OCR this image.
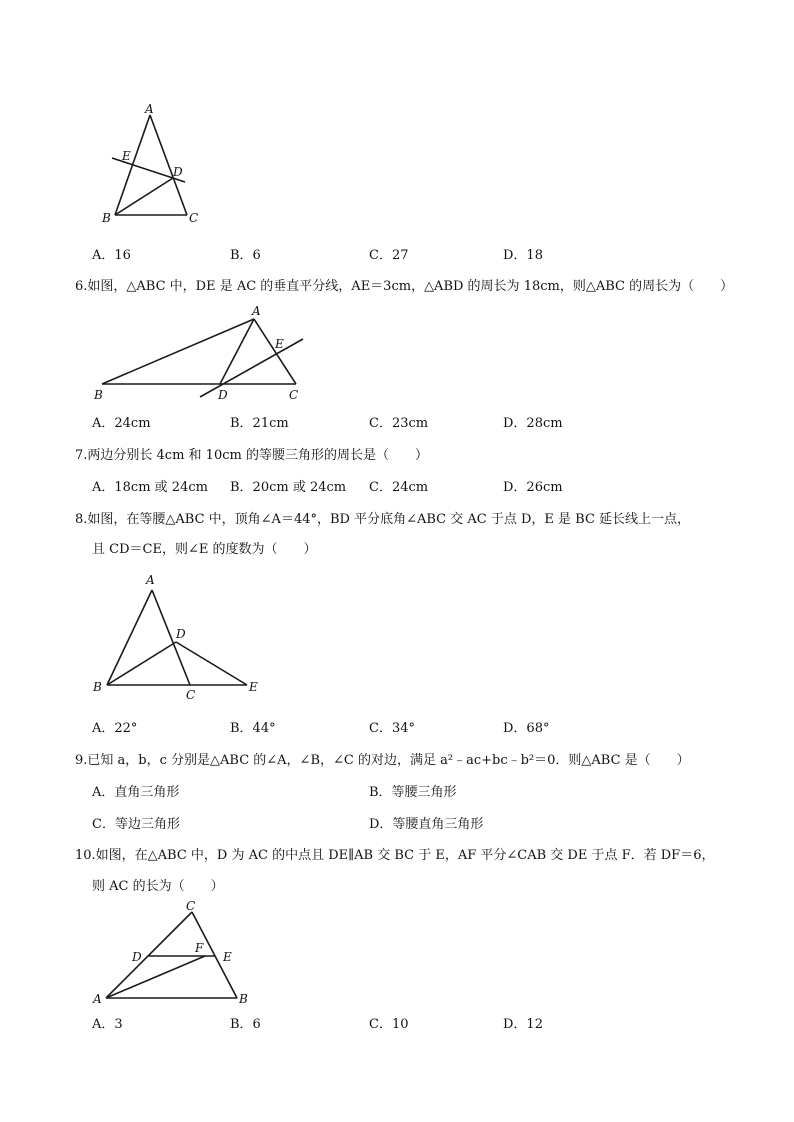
A
E
D
B	C
A．16	B．6	C．27	D．18
6.如图，△ABC 中，DE 是 AC 的垂直平分线，AE＝3cm，△ABD 的周长为 18cm，则△ABC 的周长为（　　）
A
E
B	D	C
A．24cm	B．21cm	C．23cm	D．28cm
7.两边分别长 4cm 和 10cm 的等腰三角形的周长是（　　）
A．18cm 或 24cm B．20cm 或 24cm C．24cm	D．26cm
8.如图，在等腰△ABC 中，顶角∠A＝44°，BD 平分底角∠ABC 交 AC 于点 D，E 是 BC 延长线上一点，
且 CD＝CE，则∠E 的度数为（　　）
A
D
B
C
E
A．22°	B．44°	C．34°	D．68°
9.已知 a，b，c 分别是△ABC 的∠A，∠B，∠C 的对边，满足 a²﹣ac+bc﹣b²＝0．则△ABC 是（　　）
A．直角三角形	B．等腰三角形
C．等边三角形	D．等腰直角三角形
10.如图，在△ABC 中，D 为 AC 的中点且 DE∥AB 交 BC 于 E，AF 平分∠CAB 交 DE 于点 F．若 DF＝6，
则 AC 的长为（　　）
C
D
F
E
A	B
A．3	B．6	C．10	D．12
